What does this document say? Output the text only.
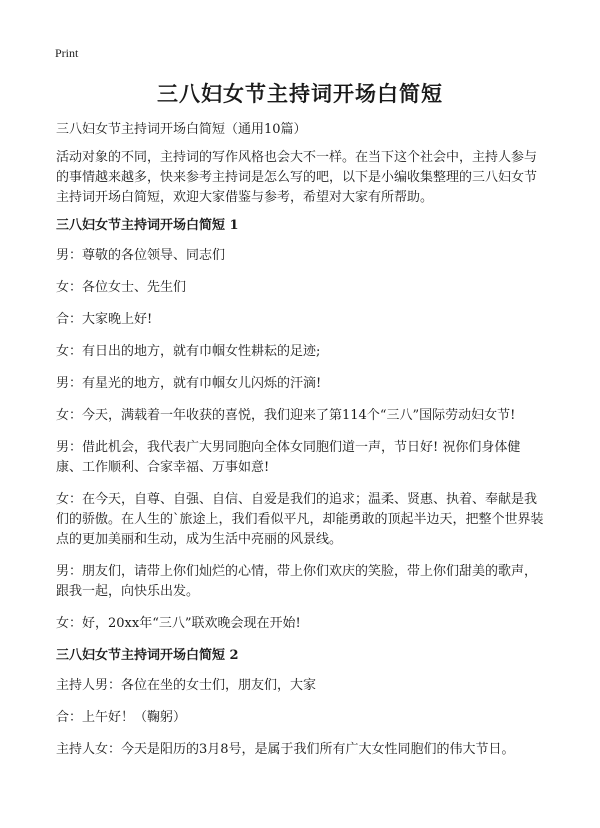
Print
三八妇女节主持词开场白简短

三八妇女节主持词开场白简短（通用10篇）

活动对象的不同，主持词的写作风格也会大不一样。在当下这个社会中，主持人参与的事情越来越多，快来参考主持词是怎么写的吧，以下是小编收集整理的三八妇女节主持词开场白简短，欢迎大家借鉴与参考，希望对大家有所帮助。

三八妇女节主持词开场白简短 1

男：尊敬的各位领导、同志们

女：各位女士、先生们

合：大家晚上好!

女：有日出的地方，就有巾帼女性耕耘的足迹;

男：有星光的地方，就有巾帼女儿闪烁的汗滴!

女：今天，满载着一年收获的喜悦，我们迎来了第114个“三八”国际劳动妇女节!

男：借此机会，我代表广大男同胞向全体女同胞们道一声，节日好! 祝你们身体健康、工作顺利、合家幸福、万事如意!

女：在今天，自尊、自强、自信、自爱是我们的追求；温柔、贤惠、执着、奉献是我们的骄傲。在人生的`旅途上，我们看似平凡，却能勇敢的顶起半边天，把整个世界装点的更加美丽和生动，成为生活中亮丽的风景线。

男：朋友们，请带上你们灿烂的心情，带上你们欢庆的笑脸，带上你们甜美的歌声，跟我一起，向快乐出发。

女：好，20xx年“三八”联欢晚会现在开始!

三八妇女节主持词开场白简短 2

主持人男：各位在坐的女士们，朋友们，大家

合：上午好！（鞠躬）

主持人女：今天是阳历的3月8号，是属于我们所有广大女性同胞们的伟大节日。
